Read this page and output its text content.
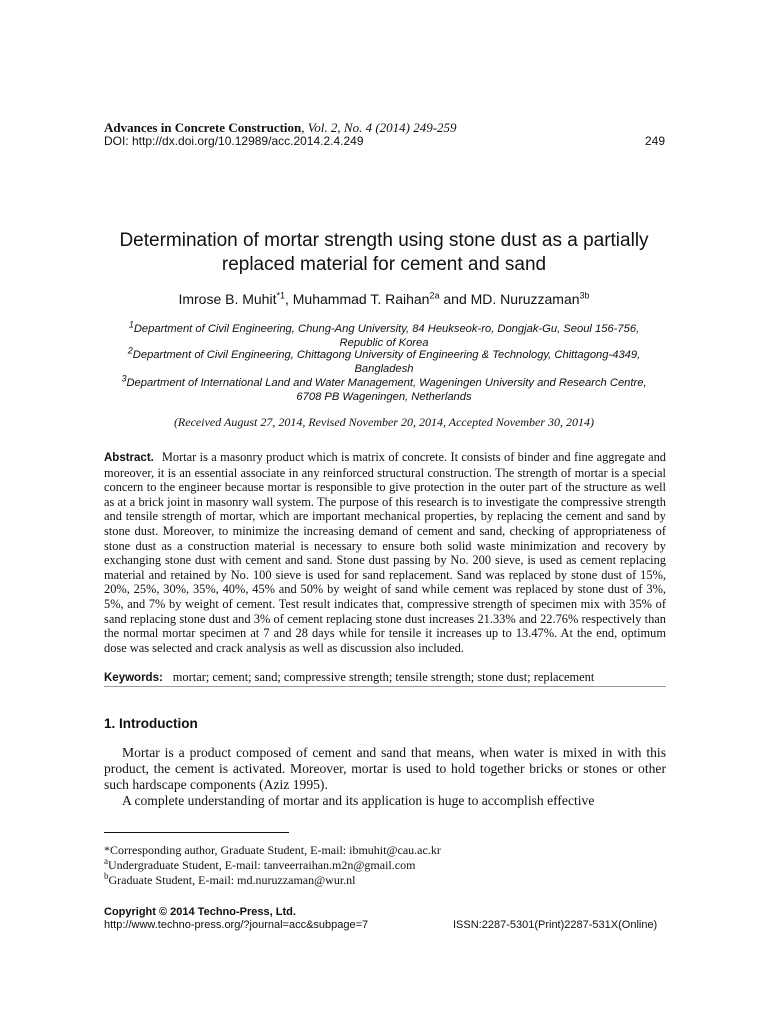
Advances in Concrete Construction, Vol. 2, No. 4 (2014) 249-259
DOI: http://dx.doi.org/10.12989/acc.2014.2.4.249	249
Determination of mortar strength using stone dust as a partially
replaced material for cement and sand
Imrose B. Muhit$^{*1}$, Muhammad T. Raihan$^{2a}$ and MD. Nuruzzaman$^{3b}$
$^1$Department of Civil Engineering, Chung-Ang University, 84 Heukseok-ro, Dongjak-Gu, Seoul 156-756,
Republic of Korea
$^2$Department of Civil Engineering, Chittagong University of Engineering & Technology, Chittagong-4349,
Bangladesh
$^3$Department of International Land and Water Management, Wageningen University and Research Centre,
6708 PB Wageningen, Netherlands
(Received August 27, 2014, Revised November 20, 2014, Accepted November 30, 2014)
Abstract. Mortar is a masonry product which is matrix of concrete. It consists of binder and fine aggregate and moreover, it is an essential associate in any reinforced structural construction. The strength of mortar is a special concern to the engineer because mortar is responsible to give protection in the outer part of the structure as well as at a brick joint in masonry wall system. The purpose of this research is to investigate the compressive strength and tensile strength of mortar, which are important mechanical properties, by replacing the cement and sand by stone dust. Moreover, to minimize the increasing demand of cement and sand, checking of appropriateness of stone dust as a construction material is necessary to ensure both solid waste minimization and recovery by exchanging stone dust with cement and sand. Stone dust passing by No. 200 sieve, is used as cement replacing material and retained by No. 100 sieve is used for sand replacement. Sand was replaced by stone dust of 15%, 20%, 25%, 30%, 35%, 40%, 45% and 50% by weight of sand while cement was replaced by stone dust of 3%, 5%, and 7% by weight of cement. Test result indicates that, compressive strength of specimen mix with 35% of sand replacing stone dust and 3% of cement replacing stone dust increases 21.33% and 22.76% respectively than the normal mortar specimen at 7 and 28 days while for tensile it increases up to 13.47%. At the end, optimum dose was selected and crack analysis as well as discussion also included.
Keywords: mortar; cement; sand; compressive strength; tensile strength; stone dust; replacement
1. Introduction

Mortar is a product composed of cement and sand that means, when water is mixed in with this product, the cement is activated. Moreover, mortar is used to hold together bricks or stones or other such hardscape components (Aziz 1995).

A complete understanding of mortar and its application is huge to accomplish effective

*Corresponding author, Graduate Student, E-mail: ibmuhit@cau.ac.kr
$^a$Undergraduate Student, E-mail: tanveerraihan.m2n@gmail.com
$^b$Graduate Student, E-mail: md.nuruzzaman@wur.nl
Copyright © 2014 Techno-Press, Ltd.
http://www.techno-press.org/?journal=acc&subpage=7	ISSN:2287-5301(Print)2287-531X(Online)
